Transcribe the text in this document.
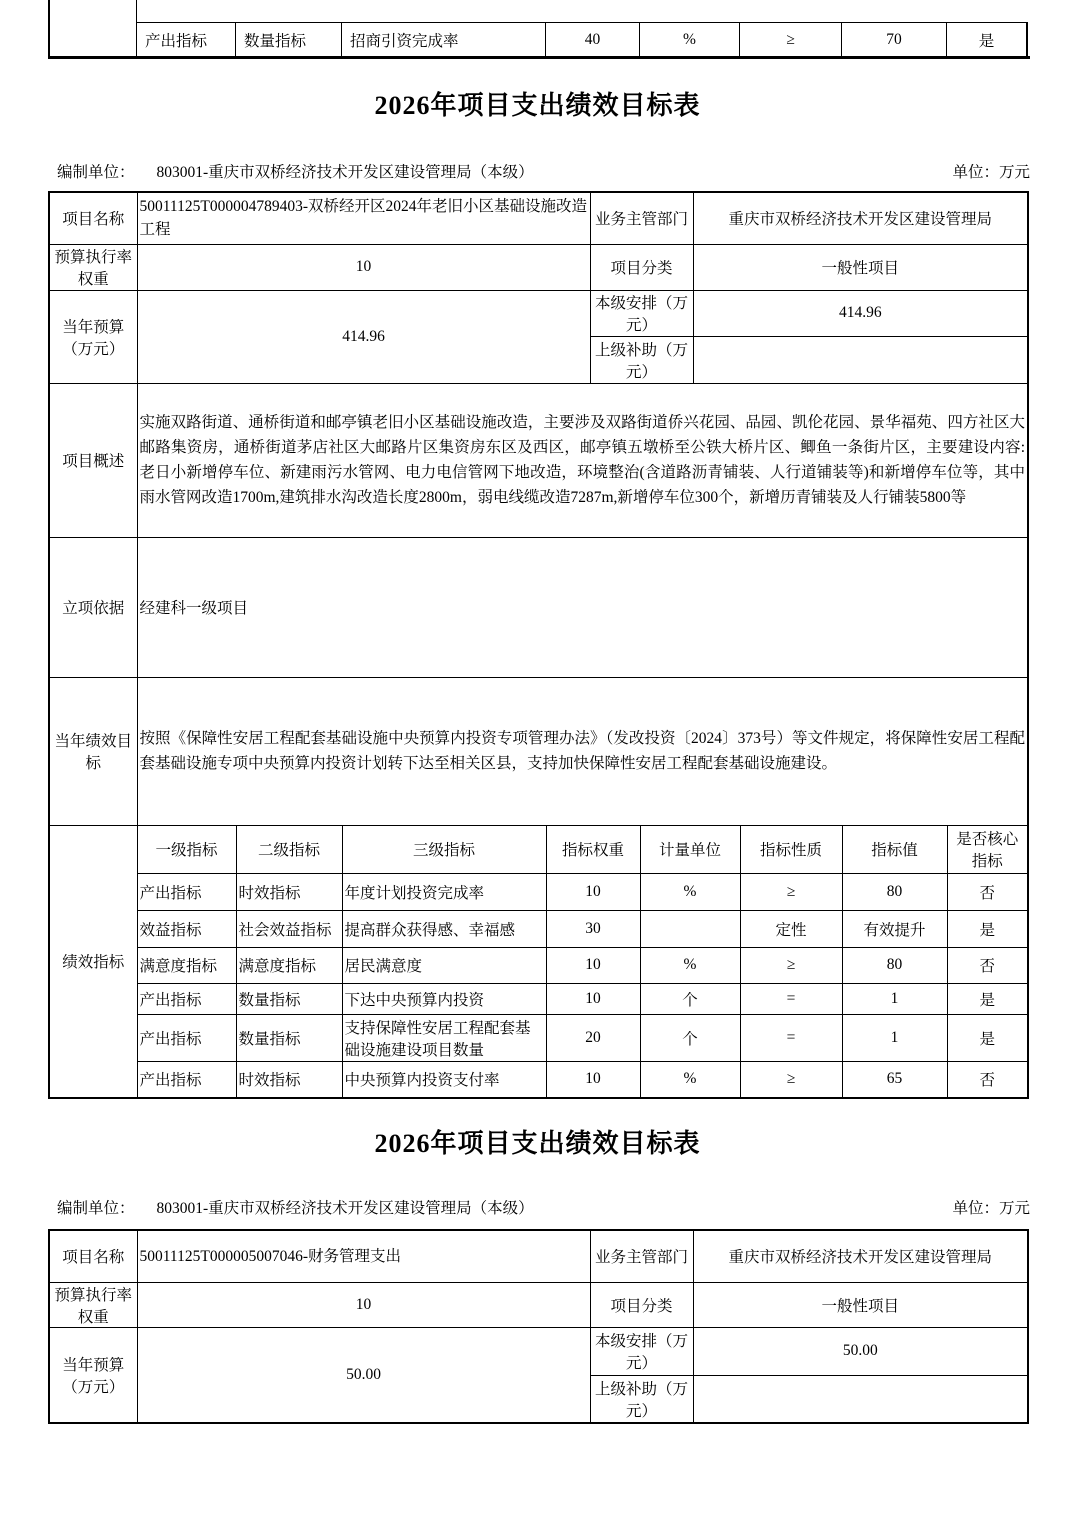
产出指标	数量指标	招商引资完成率	40	%	≥	70	是
2026年项目支出绩效目标表
编制单位： 803001-重庆市双桥经济技术开发区建设管理局（本级）	单位：万元
项目名称	50011125T000004789403-双桥经开区2024年老旧小区基础设施改造工程				业务主管部门		重庆市双桥经济技术开发区建设管理局			
预算执行率权重	10				项目分类		一般性项目			
当年预算（万元）	414.96				本级安排（万元）		414.96			
					上级补助（万元）					
项目概述	实施双路街道、通桥街道和邮亭镇老旧小区基础设施改造，主要涉及双路街道侨兴花园、品园、凯伦花园、景华福苑、四方社区大邮路集资房，通桥街道茅店社区大邮路片区集资房东区及西区，邮亭镇五墩桥至公铁大桥片区、鲫鱼一条街片区，主要建设内容:老日小新增停车位、新建雨污水管网、电力电信管网下地改造，环境整治(含道路沥青铺装、人行道铺装等)和新增停车位等，其中雨水管网改造1700m,建筑排水沟改造长度2800m，弱电线缆改造7287m,新增停车位300个，新增历青铺装及人行铺装5800等									
立项依据	经建科一级项目									
当年绩效目标	按照《保障性安居工程配套基础设施中央预算内投资专项管理办法》（发改投资〔2024〕373号）等文件规定，将保障性安居工程配套基础设施专项中央预算内投资计划转下达至相关区县，支持加快保障性安居工程配套基础设施建设。									
绩效指标	一级指标	二级指标	三级指标	指标权重		计量单位		指标性质	指标值	是否核心指标
	产出指标	时效指标	年度计划投资完成率	10		%		≥	80	否
	效益指标	社会效益指标	提高群众获得感、幸福感	30				定性	有效提升	是
	满意度指标	满意度指标	居民满意度	10		%		≥	80	否
	产出指标	数量指标	下达中央预算内投资	10		个		=	1	是
	产出指标	数量指标	支持保障性安居工程配套基础设施建设项目数量	20		个		=	1	是
	产出指标	时效指标	中央预算内投资支付率	10		%		≥	65	否
2026年项目支出绩效目标表
编制单位： 803001-重庆市双桥经济技术开发区建设管理局（本级）	单位：万元
项目名称	50011125T000005007046-财务管理支出	业务主管部门	重庆市双桥经济技术开发区建设管理局
预算执行率权重	10	项目分类	一般性项目
当年预算（万元）	50.00	本级安排（万元）	50.00
		上级补助（万元）	
